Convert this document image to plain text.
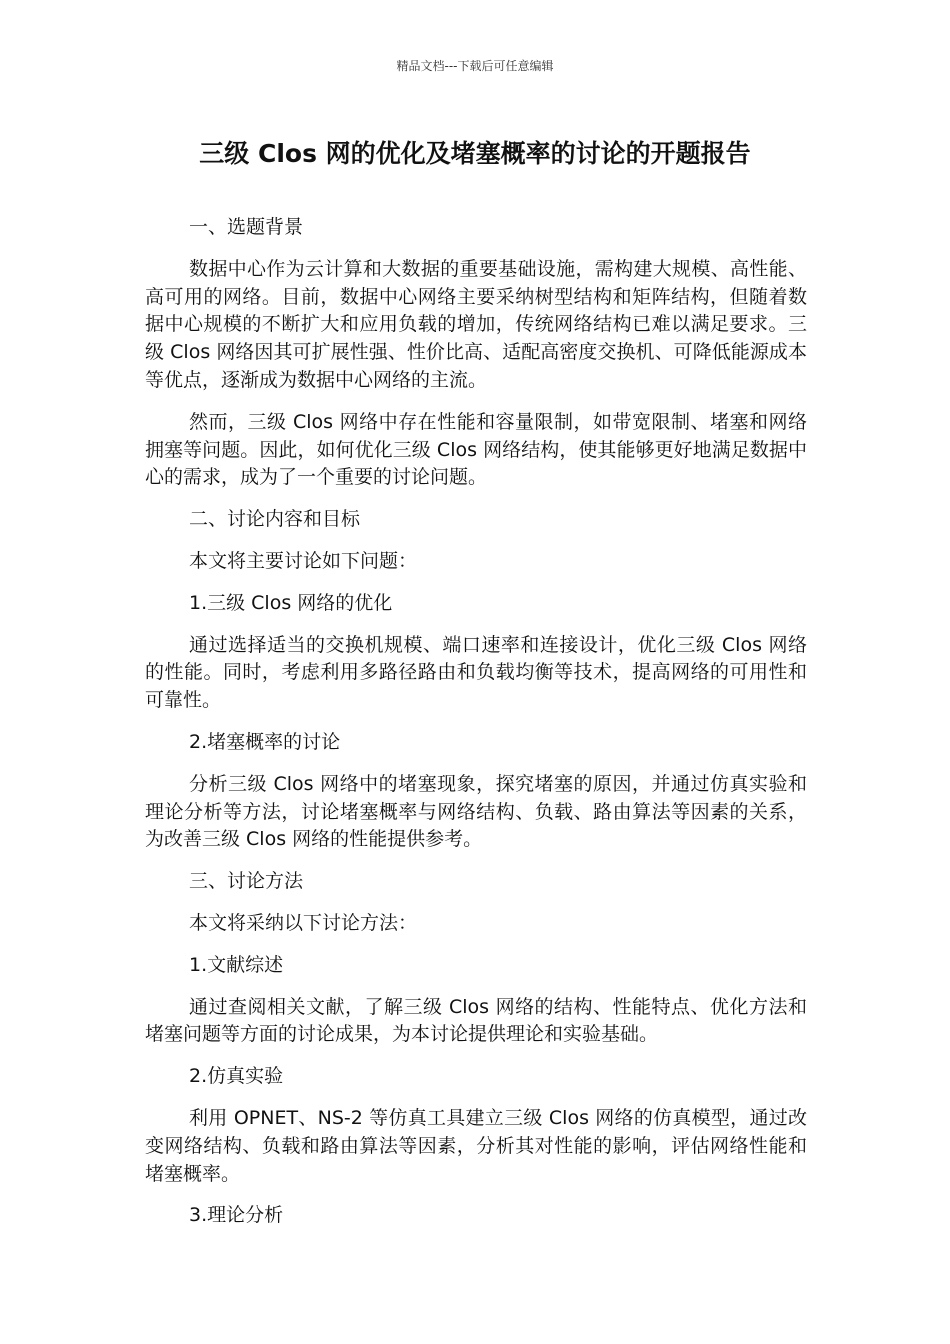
精品文档---下载后可任意编辑
三级 Clos 网的优化及堵塞概率的讨论的开题报告

一、选题背景

数据中心作为云计算和大数据的重要基础设施，需构建大规模、高性能、高可用的网络。目前，数据中心网络主要采纳树型结构和矩阵结构，但随着数据中心规模的不断扩大和应用负载的增加，传统网络结构已难以满足要求。三级 Clos 网络因其可扩展性强、性价比高、适配高密度交换机、可降低能源成本等优点，逐渐成为数据中心网络的主流。

然而，三级 Clos 网络中存在性能和容量限制，如带宽限制、堵塞和网络拥塞等问题。因此，如何优化三级 Clos 网络结构，使其能够更好地满足数据中心的需求，成为了一个重要的讨论问题。

二、讨论内容和目标

本文将主要讨论如下问题：

1.三级 Clos 网络的优化

通过选择适当的交换机规模、端口速率和连接设计，优化三级 Clos 网络的性能。同时，考虑利用多路径路由和负载均衡等技术，提高网络的可用性和可靠性。

2.堵塞概率的讨论

分析三级 Clos 网络中的堵塞现象，探究堵塞的原因，并通过仿真实验和理论分析等方法，讨论堵塞概率与网络结构、负载、路由算法等因素的关系，为改善三级 Clos 网络的性能提供参考。

三、讨论方法

本文将采纳以下讨论方法：

1.文献综述

通过查阅相关文献，了解三级 Clos 网络的结构、性能特点、优化方法和堵塞问题等方面的讨论成果，为本讨论提供理论和实验基础。

2.仿真实验

利用 OPNET、NS-2 等仿真工具建立三级 Clos 网络的仿真模型，通过改变网络结构、负载和路由算法等因素，分析其对性能的影响，评估网络性能和堵塞概率。

3.理论分析
